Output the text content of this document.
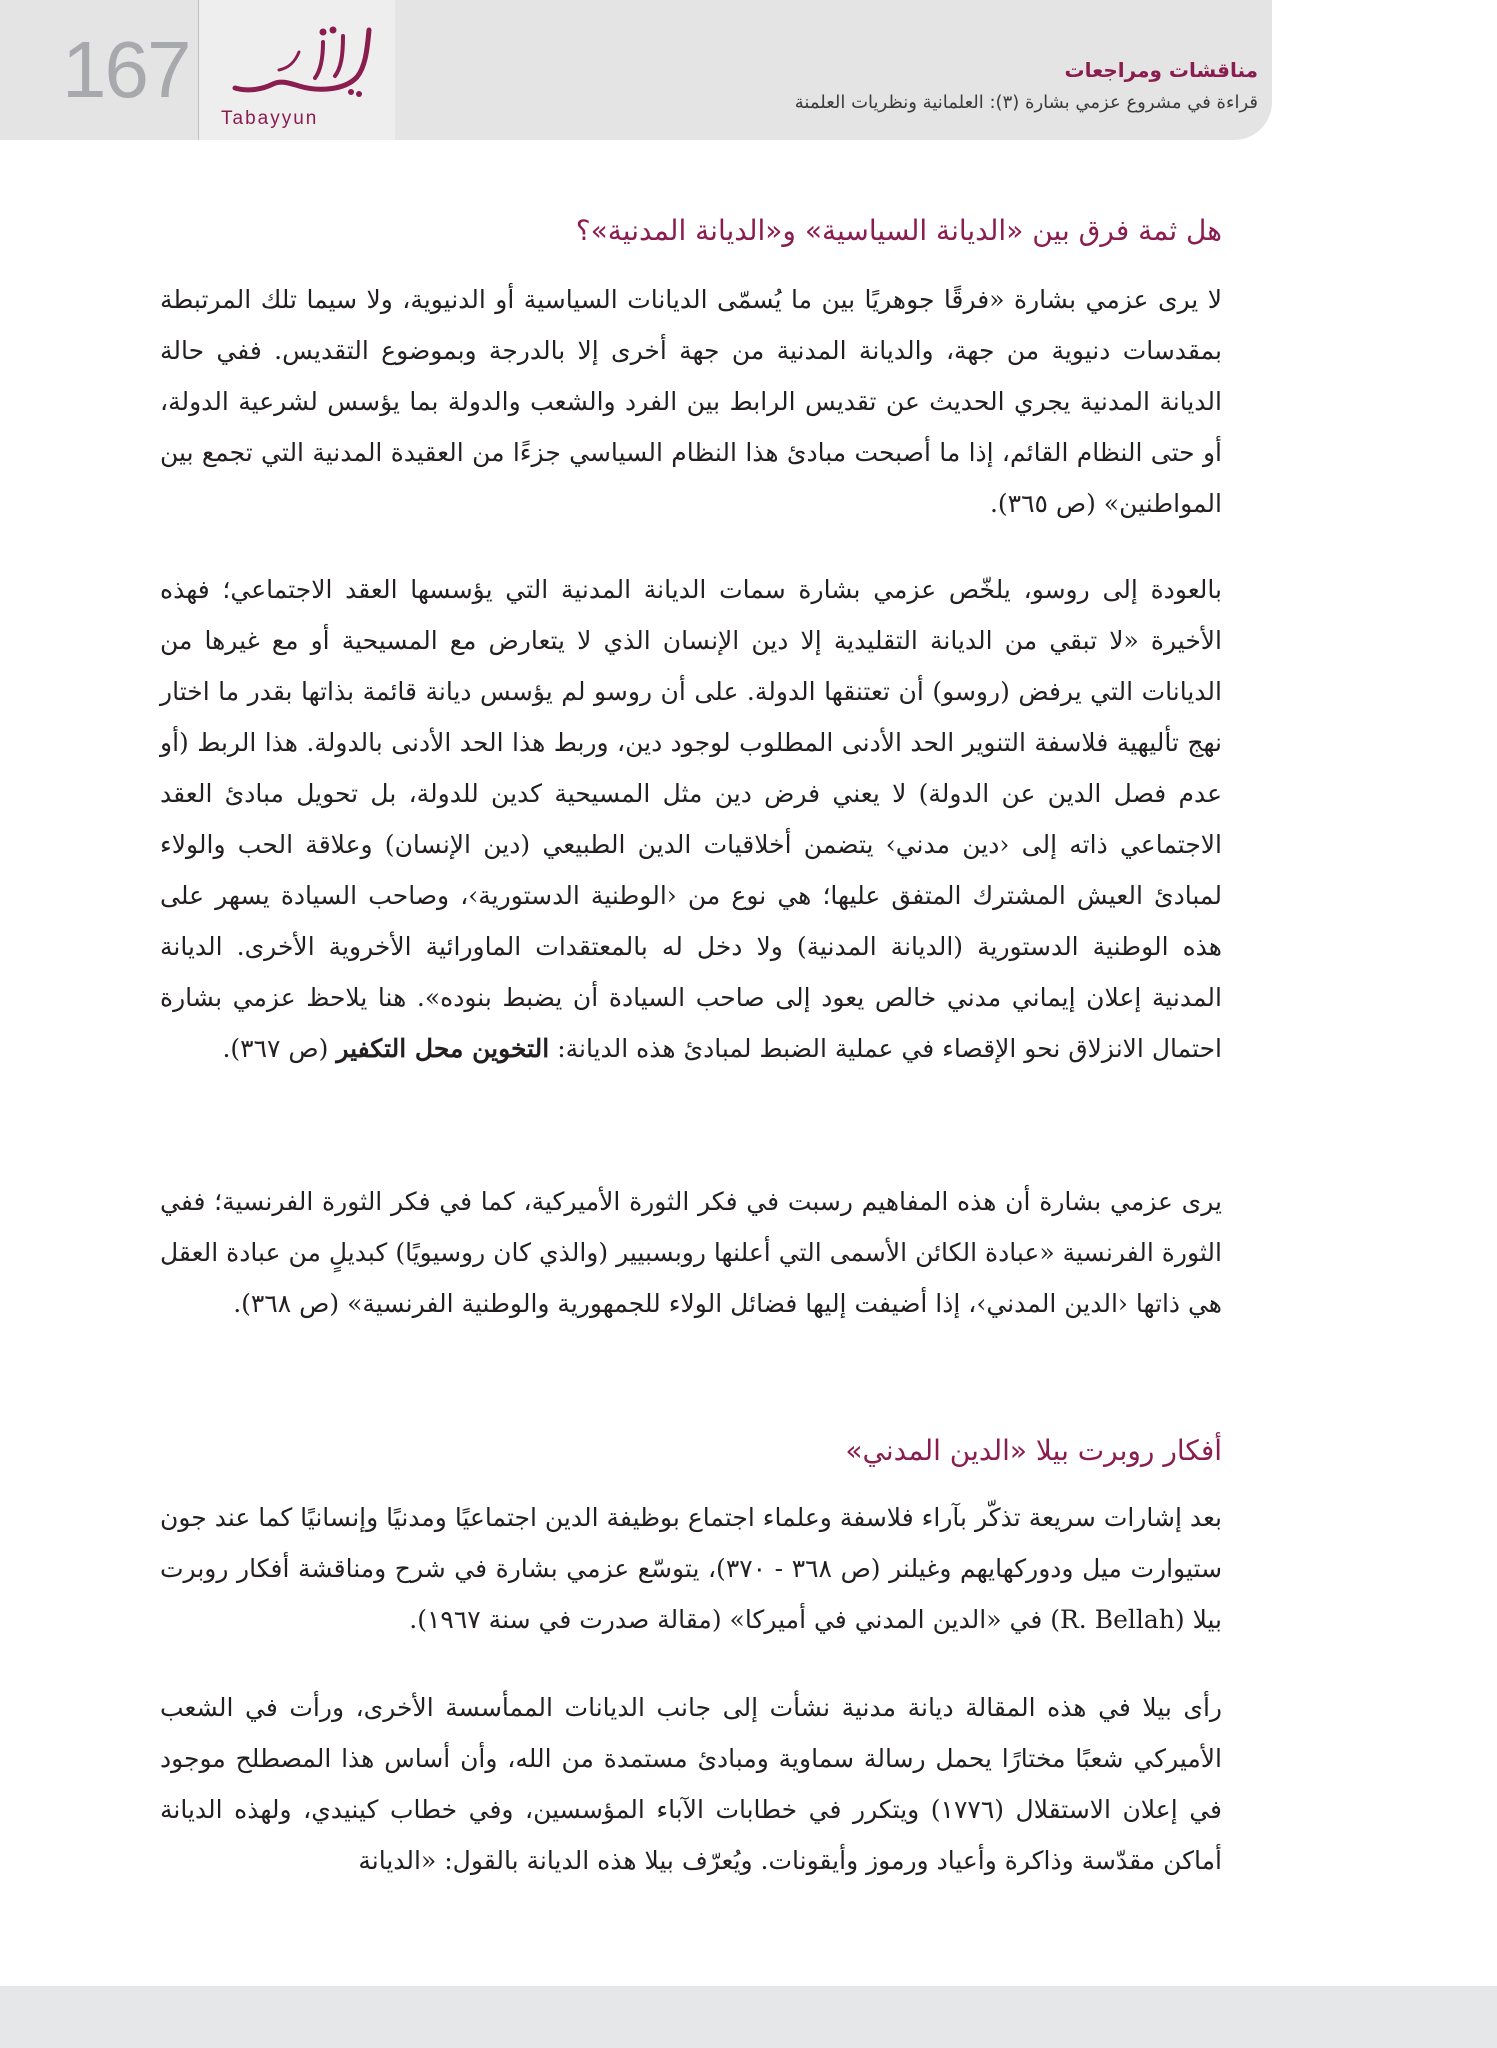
167
Tabayyun
مناقشات ومراجعات
قراءة في مشروع عزمي بشارة (٣): العلمانية ونظريات العلمنة
هل ثمة فرق بين «الديانة السياسية» و«الديانة المدنية»؟

لا يرى عزمي بشارة «فرقًا جوهريًا بين ما يُسمّى الديانات السياسية أو الدنيوية، ولا سيما تلك المرتبطة بمقدسات دنيوية من جهة، والديانة المدنية من جهة أخرى إلا بالدرجة وبموضوع التقديس. ففي حالة الديانة المدنية يجري الحديث عن تقديس الرابط بين الفرد والشعب والدولة بما يؤسس لشرعية الدولة، أو حتى النظام القائم، إذا ما أصبحت مبادئ هذا النظام السياسي جزءًا من العقيدة المدنية التي تجمع بين المواطنين» (ص ٣٦٥).

بالعودة إلى روسو، يلخّص عزمي بشارة سمات الديانة المدنية التي يؤسسها العقد الاجتماعي؛ فهذه الأخيرة «لا تبقي من الديانة التقليدية إلا دين الإنسان الذي لا يتعارض مع المسيحية أو مع غيرها من الديانات التي يرفض (روسو) أن تعتنقها الدولة. على أن روسو لم يؤسس ديانة قائمة بذاتها بقدر ما اختار نهج تأليهية فلاسفة التنوير الحد الأدنى المطلوب لوجود دين، وربط هذا الحد الأدنى بالدولة. هذا الربط (أو عدم فصل الدين عن الدولة) لا يعني فرض دين مثل المسيحية كدين للدولة، بل تحويل مبادئ العقد الاجتماعي ذاته إلى ‹دين مدني› يتضمن أخلاقيات الدين الطبيعي (دين الإنسان) وعلاقة الحب والولاء لمبادئ العيش المشترك المتفق عليها؛ هي نوع من ‹الوطنية الدستورية›، وصاحب السيادة يسهر على هذه الوطنية الدستورية (الديانة المدنية) ولا دخل له بالمعتقدات الماورائية الأخروية الأخرى. الديانة المدنية إعلان إيماني مدني خالص يعود إلى صاحب السيادة أن يضبط بنوده». هنا يلاحظ عزمي بشارة احتمال الانزلاق نحو الإقصاء في عملية الضبط لمبادئ هذه الديانة: التخوين محل التكفير (ص ٣٦٧).

يرى عزمي بشارة أن هذه المفاهيم رسبت في فكر الثورة الأميركية، كما في فكر الثورة الفرنسية؛ ففي الثورة الفرنسية «عبادة الكائن الأسمى التي أعلنها روبسبيير (والذي كان روسيويًا) كبديلٍ من عبادة العقل هي ذاتها ‹الدين المدني›، إذا أضيفت إليها فضائل الولاء للجمهورية والوطنية الفرنسية» (ص ٣٦٨).

أفكار روبرت بيلا «الدين المدني»

بعد إشارات سريعة تذكّر بآراء فلاسفة وعلماء اجتماع بوظيفة الدين اجتماعيًا ومدنيًا وإنسانيًا كما عند جون ستيوارت ميل ودوركهايهم وغيلنر (ص ٣٦٨ - ٣٧٠)، يتوسّع عزمي بشارة في شرح ومناقشة أفكار روبرت بيلا (R. Bellah) في «الدين المدني في أميركا» (مقالة صدرت في سنة ١٩٦٧).

رأى بيلا في هذه المقالة ديانة مدنية نشأت إلى جانب الديانات الممأسسة الأخرى، ورأت في الشعب الأميركي شعبًا مختارًا يحمل رسالة سماوية ومبادئ مستمدة من الله، وأن أساس هذا المصطلح موجود في إعلان الاستقلال (١٧٧٦) ويتكرر في خطابات الآباء المؤسسين، وفي خطاب كينيدي، ولهذه الديانة أماكن مقدّسة وذاكرة وأعياد ورموز وأيقونات. ويُعرّف بيلا هذه الديانة بالقول: «الديانة
